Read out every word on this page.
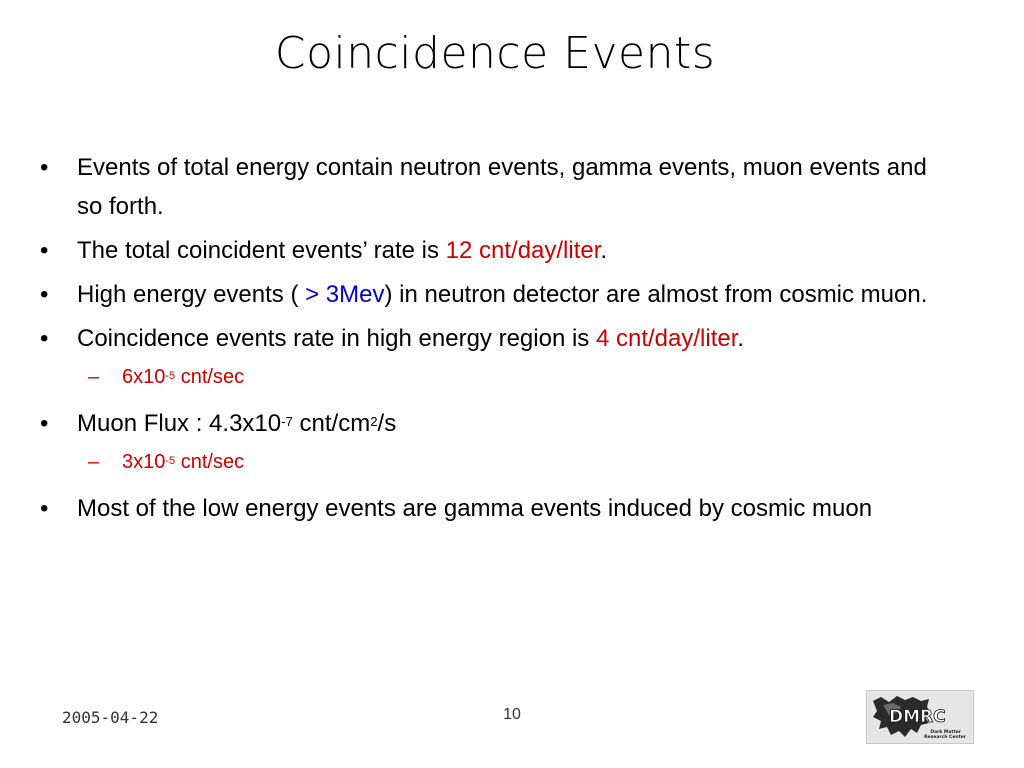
Coincidence Events
• Events of total energy contain neutron events, gamma events, muon events and so forth.
• The total coincident events’ rate is 12 cnt/day/liter.
• High energy events ( > 3Mev) in neutron detector are almost from cosmic muon.
• Coincidence events rate in high energy region is 4 cnt/day/liter.
– $6x10^{-5}$ cnt/sec
• Muon Flux : $4.3x10^{-7}$ cnt/$cm^2/s$
– $3x10^{-5}$ cnt/sec
• Most of the low energy events are gamma events induced by cosmic muon
2005-04-22	10	DMRC
Dark Matter
Research Center
